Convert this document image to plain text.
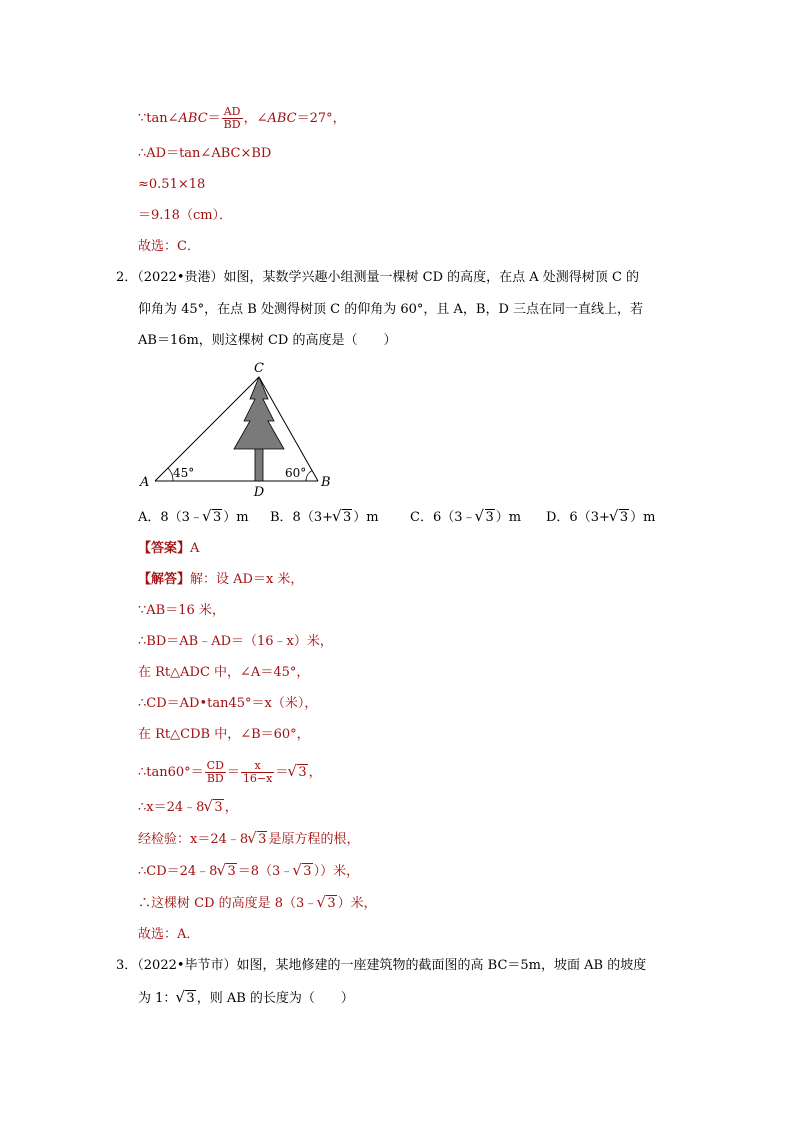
∵tan∠ABC＝ $\frac{AD}{BD}$ ，∠ABC＝27°，
∴AD＝tan∠ABC×BD
≈0.51×18
＝9.18（cm）．
故选：C．
2．（2022•贵港）如图，某数学兴趣小组测量一棵树 CD 的高度，在点 A 处测得树顶 C 的
仰角为 45°，在点 B 处测得树顶 C 的仰角为 60°，且 A，B，D 三点在同一直线上，若
AB＝16m，则这棵树 CD 的高度是（　　）
C
A	B
D
45°	60°
A．8（3﹣ √ 3 ）m B．8（3+ √ 3 ）m C．6（3﹣ √ 3 ）m D．6（3+ √ 3 ）m
【答案】A
【解答】解：设 AD＝x 米，
∵AB＝16 米，
∴BD＝AB﹣AD＝（16﹣x）米，
在 Rt△ADC 中，∠A＝45°，
∴CD＝AD•tan45°＝x（米），
在 Rt△CDB 中，∠B＝60°，
∴tan60°＝ $\frac{CD}{BD} = \frac{x}{16-x}$ ＝ √ 3 ，
∴x＝24﹣8 √ 3 ，
经检验：x＝24﹣8 √ 3 是原方程的根，
∴CD＝24﹣8 √ 3 ＝8（3﹣ √ 3 ））米，
∴这棵树 CD 的高度是 8（3﹣ √ 3 ）米，
故选：A．
3．（2022•毕节市）如图，某地修建的一座建筑物的截面图的高 BC＝5m，坡面 AB 的坡度
为 1： √ 3 ，则 AB 的长度为（　　）
